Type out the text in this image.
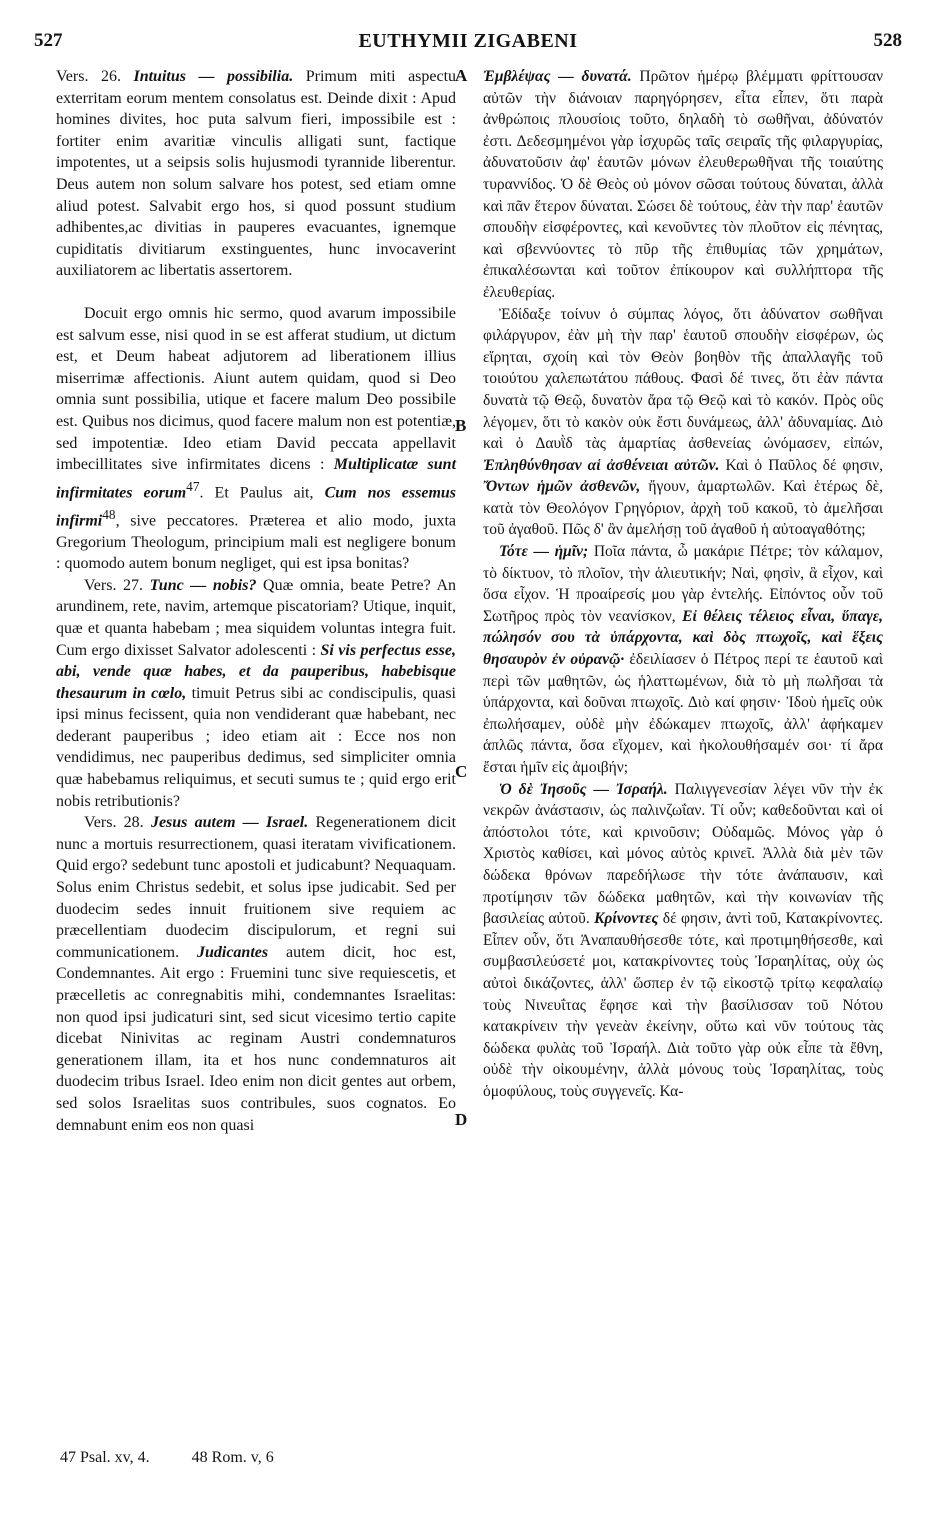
527	EUTHYMII ZIGABENI	528

Vers. 26. Intuitus — possibilia. Primum miti aspectu exterritam eorum mentem consolatus est. Deinde dixit : Apud homines divites, hoc puta salvum fieri, impossibile est : fortiter enim avaritiæ vinculis alligati sunt, factique impotentes, ut a seipsis solis hujusmodi tyrannide liberentur. Deus autem non solum salvare hos potest, sed etiam omne aliud potest. Salvabit ergo hos, si quod possunt studium adhibentes,ac divitias in pauperes evacuantes, ignemque cupiditatis divitiarum exstinguentes, hunc invocaverint auxiliatorem ac libertatis assertorem.

Docuit ergo omnis hic sermo, quod avarum impossibile est salvum esse, nisi quod in se est afferat studium, ut dictum est, et Deum habeat adjutorem ad liberationem illius miserrimæ affectionis. Aiunt autem quidam, quod si Deo omnia sunt possibilia, utique et facere malum Deo possibile est. Quibus nos dicimus, quod facere malum non est potentiæ, sed impotentiæ. Ideo etiam David peccata appellavit imbecillitates sive infirmitates dicens : Multiplicatæ sunt infirmitates eorum$^{47}$. Et Paulus ait, Cum nos essemus infirmi$^{48}$, sive peccatores. Præterea et alio modo, juxta Gregorium Theologum, principium mali est negligere bonum : quomodo autem bonum negliget, qui est ipsa bonitas?

Vers. 27. Tunc — nobis? Quæ omnia, beate Petre? An arundinem, rete, navim, artemque piscatoriam? Utique, inquit, quæ et quanta habebam ; mea siquidem voluntas integra fuit. Cum ergo dixisset Salvator adolescenti : Si vis perfectus esse, abi, vende quæ habes, et da pauperibus, habebisque thesaurum in cœlo, timuit Petrus sibi ac condiscipulis, quasi ipsi minus fecissent, quia non vendiderant quæ habebant, nec dederant pauperibus ; ideo etiam ait : Ecce nos non vendidimus, nec pauperibus dedimus, sed simpliciter omnia quæ habebamus reliquimus, et secuti sumus te ; quid ergo erit nobis retributionis?

Vers. 28. Jesus autem — Israel. Regenerationem dicit nunc a mortuis resurrectionem, quasi iteratam vivificationem. Quid ergo? sedebunt tunc apostoli et judicabunt? Nequaquam. Solus enim Christus sedebit, et solus ipse judicabit. Sed per duodecim sedes innuit fruitionem sive requiem ac præcellentiam duodecim discipulorum, et regni sui communicationem. Judicantes autem dicit, hoc est, Condemnantes. Ait ergo : Fruemini tunc sive requiescetis, et præcelletis ac conregnabitis mihi, condemnantes Israelitas: non quod ipsi judicaturi sint, sed sicut vicesimo tertio capite dicebat Ninivitas ac reginam Austri condemnaturos generationem illam, ita et hos nunc condemnaturos ait duodecim tribus Israel. Ideo enim non dicit gentes aut orbem, sed solos Israelitas suos contribules, suos cognatos. Eo demnabunt enim eos non quasi

A
B
C
D

Ἐμβλέψας — δυνατά. Πρῶτον ἡμέρῳ βλέμματι φρίττουσαν αὐτῶν τὴν διάνοιαν παρηγόρησεν, εἶτα εἶπεν, ὅτι παρὰ ἀνθρώποις πλουσίοις τοῦτο, δηλαδὴ τὸ σωθῆναι, ἀδύνατόν ἐστι. Δεδεσμημένοι γὰρ ἰσχυρῶς ταῖς σειραῖς τῆς φιλαργυρίας, ἀδυνατοῦσιν ἀφ' ἑαυτῶν μόνων ἐλευθερωθῆναι τῆς τοιαύτης τυραννίδος. Ὁ δὲ Θεὸς οὐ μόνον σῶσαι τούτους δύναται, ἀλλὰ καὶ πᾶν ἕτερον δύναται. Σώσει δὲ τούτους, ἐὰν τὴν παρ' ἑαυτῶν σπουδὴν εἰσφέροντες, καὶ κενοῦντες τὸν πλοῦτον εἰς πένητας, καὶ σβεννύοντες τὸ πῦρ τῆς ἐπιθυμίας τῶν χρημάτων, ἐπικαλέσωνται καὶ τοῦτον ἐπίκουρον καὶ συλλήπτορα τῆς ἐλευθερίας.

Ἐδίδαξε τοίνυν ὁ σύμπας λόγος, ὅτι ἀδύνατον σωθῆναι φιλάργυρον, ἐὰν μὴ τὴν παρ' ἑαυτοῦ σπουδὴν εἰσφέρων, ὡς εἴρηται, σχοίη καὶ τὸν Θεὸν βοηθὸν τῆς ἀπαλλαγῆς τοῦ τοιούτου χαλεπωτάτου πάθους. Φασὶ δέ τινες, ὅτι ἐὰν πάντα δυνατὰ τῷ Θεῷ, δυνατὸν ἄρα τῷ Θεῷ καὶ τὸ κακόν. Πρὸς οὓς λέγομεν, ὅτι τὸ κακὸν οὐκ ἔστι δυνάμεως, ἀλλ' ἀδυναμίας. Διὸ καὶ ὁ Δαυῒδ τὰς ἁμαρτίας ἀσθενείας ὠνόμασεν, εἰπών, Ἐπληθύνθησαν αἱ ἀσθένειαι αὐτῶν. Καὶ ὁ Παῦλος δέ φησιν, Ὄντων ἡμῶν ἀσθενῶν, ἤγουν, ἁμαρτωλῶν. Καὶ ἑτέρως δὲ, κατὰ τὸν Θεολόγον Γρηγόριον, ἀρχὴ τοῦ κακοῦ, τὸ ἀμελῆσαι τοῦ ἀγαθοῦ. Πῶς δ' ἂν ἀμελήσῃ τοῦ ἀγαθοῦ ἡ αὐτοαγαθότης;

Τότε — ἡμῖν; Ποῖα πάντα, ὦ μακάριε Πέτρε; τὸν κάλαμον, τὸ δίκτυον, τὸ πλοῖον, τὴν ἁλιευτικήν; Ναὶ, φησὶν, ἃ εἶχον, καὶ ὅσα εἶχον. Ἡ προαίρεσίς μου γὰρ ἐντελής. Εἰπόντος οὖν τοῦ Σωτῆρος πρὸς τὸν νεανίσκον, Εἰ θέλεις τέλειος εἶναι, ὕπαγε, πώλησόν σου τὰ ὑπάρχοντα, καὶ δὸς πτωχοῖς, καὶ ἕξεις θησαυρὸν ἐν οὐρανῷ· ἐδειλίασεν ὁ Πέτρος περί τε ἑαυτοῦ καὶ περὶ τῶν μαθητῶν, ὡς ἡλαττωμένων, διὰ τὸ μὴ πωλῆσαι τὰ ὑπάρχοντα, καὶ δοῦναι πτωχοῖς. Διὸ καί φησιν· Ἰδοὺ ἡμεῖς οὐκ ἐπωλήσαμεν, οὐδὲ μὴν ἐδώκαμεν πτωχοῖς, ἀλλ' ἀφήκαμεν ἁπλῶς πάντα, ὅσα εἴχομεν, καὶ ἠκολουθήσαμέν σοι· τί ἄρα ἔσται ἡμῖν εἰς ἀμοιβήν;

Ὁ δὲ Ἰησοῦς — Ἰσραήλ. Παλιγγενεσίαν λέγει νῦν τὴν ἐκ νεκρῶν ἀνάστασιν, ὡς παλινζωΐαν. Τί οὖν; καθεδοῦνται καὶ οἱ ἀπόστολοι τότε, καὶ κρινοῦσιν; Οὐδαμῶς. Μόνος γὰρ ὁ Χριστὸς καθίσει, καὶ μόνος αὐτὸς κρινεῖ. Ἀλλὰ διὰ μὲν τῶν δώδεκα θρόνων παρεδήλωσε τὴν τότε ἀνάπαυσιν, καὶ προτίμησιν τῶν δώδεκα μαθητῶν, καὶ τὴν κοινωνίαν τῆς βασιλείας αὐτοῦ. Κρίνοντες δέ φησιν, ἀντὶ τοῦ, Κατακρίνοντες. Εἶπεν οὖν, ὅτι Ἀναπαυθήσεσθε τότε, καὶ προτιμηθήσεσθε, καὶ συμβασιλεύσετέ μοι, κατακρίνοντες τοὺς Ἰσραηλίτας, οὐχ ὡς αὐτοὶ δικάζοντες, ἀλλ' ὥσπερ ἐν τῷ εἰκοστῷ τρίτῳ κεφαλαίῳ τοὺς Νινευΐτας ἔφησε καὶ τὴν βασίλισσαν τοῦ Νότου κατακρίνειν τὴν γενεὰν ἐκείνην, οὕτω καὶ νῦν τούτους τὰς δώδεκα φυλὰς τοῦ Ἰσραήλ. Διὰ τοῦτο γὰρ οὐκ εἶπε τὰ ἔθνη, οὐδὲ τὴν οἰκουμένην, ἀλλὰ μόνους τοὺς Ἰσραηλίτας, τοὺς ὁμοφύλους, τοὺς συγγενεῖς. Κα-

47 Psal. xv, 4.	48 Rom. v, 6
